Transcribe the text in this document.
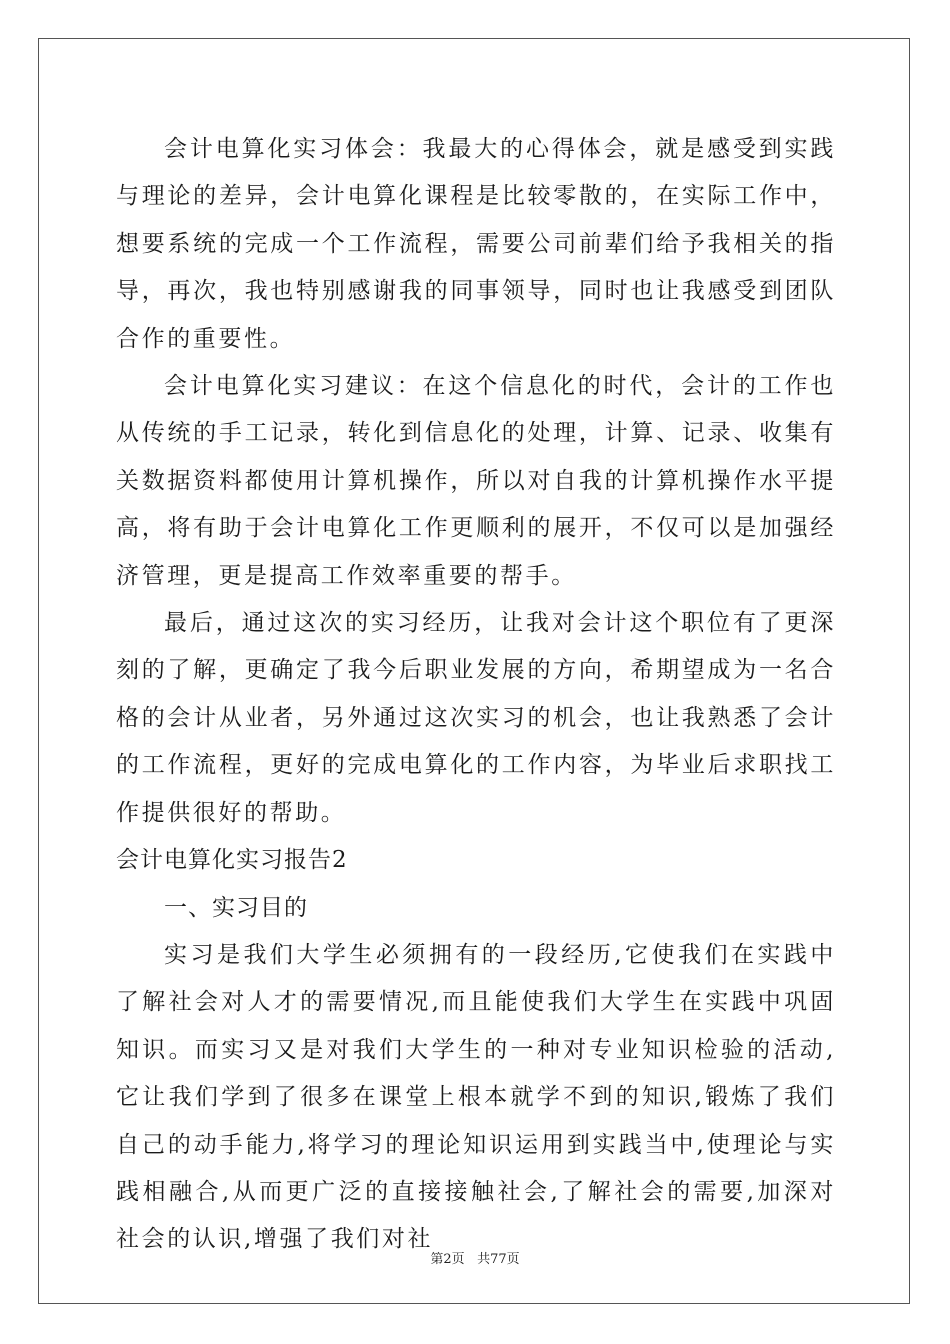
会计电算化实习体会：我最大的心得体会，就是感受到实践与理论的差异，会计电算化课程是比较零散的，在实际工作中，想要系统的完成一个工作流程，需要公司前辈们给予我相关的指导，再次，我也特别感谢我的同事领导，同时也让我感受到团队合作的重要性。

会计电算化实习建议：在这个信息化的时代，会计的工作也从传统的手工记录，转化到信息化的处理，计算、记录、收集有关数据资料都使用计算机操作，所以对自我的计算机操作水平提高，将有助于会计电算化工作更顺利的展开，不仅可以是加强经济管理，更是提高工作效率重要的帮手。

最后，通过这次的实习经历，让我对会计这个职位有了更深刻的了解，更确定了我今后职业发展的方向，希期望成为一名合格的会计从业者，另外通过这次实习的机会，也让我熟悉了会计的工作流程，更好的完成电算化的工作内容，为毕业后求职找工作提供很好的帮助。

会计电算化实习报告2

一、实习目的

实习是我们大学生必须拥有的一段经历,它使我们在实践中了解社会对人才的需要情况,而且能使我们大学生在实践中巩固知识。而实习又是对我们大学生的一种对专业知识检验的活动,它让我们学到了很多在课堂上根本就学不到的知识,锻炼了我们自己的动手能力,将学习的理论知识运用到实践当中,使理论与实践相融合,从而更广泛的直接接触社会,了解社会的需要,加深对社会的认识,增强了我们对社

第2页 共77页
